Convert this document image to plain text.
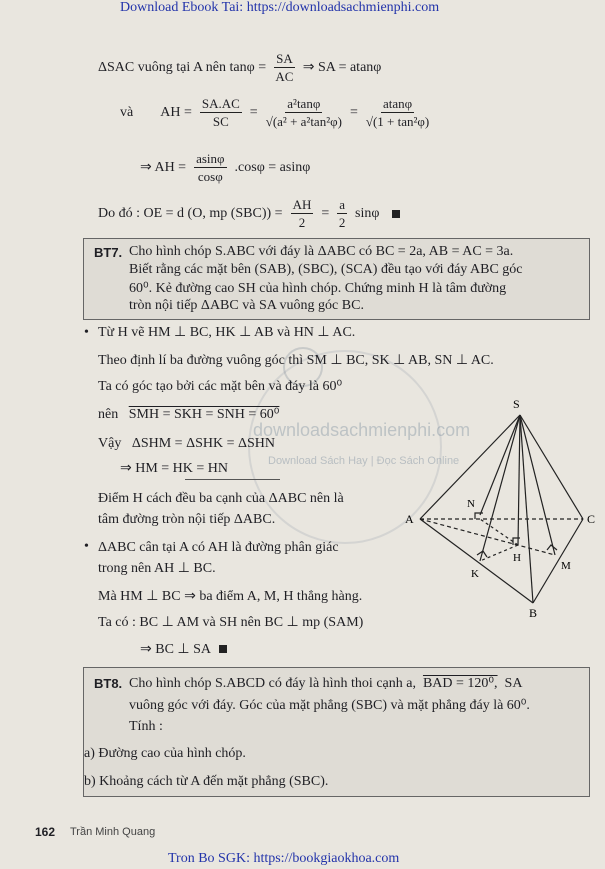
Download Ebook Tai: https://downloadsachmienphi.com
downloadsachmienphi.com
Download Sách Hay | Đọc Sách Online
ΔSAC vuông tại A nên $\tan\varphi = \frac{SA}{AC}$ ⇒ SA = atanφ
và AH = $\frac{SA.AC}{SC} = \frac{\text{a²tanφ}}{\text{√(a² + a²tan²φ)}} = \frac{atan\varphi}{\text{√(1 + tan²φ)}}$
⇒ AH = $\frac{asin\varphi}{\cos\varphi} .\cos\varphi = asin\varphi$
Do đó : OE = d (O, mp $(SBC)) = \frac{AH}{2} = \frac{a}{2}$ sinφ
BT7. Cho hình chóp S.ABC với đáy là ΔABC có BC = 2a, AB = AC = 3a.
Biết rằng các mặt bên (SAB), (SBC), (SCA) đều tạo với đáy ABC góc
60⁰. Kẻ đường cao SH của hình chóp. Chứng minh H là tâm đường
tròn nội tiếp ΔABC và SA vuông góc BC.
• Từ H vẽ HM ⊥ BC, HK ⊥ AB và HN ⊥ AC.
Theo định lí ba đường vuông góc thì SM ⊥ BC, SK ⊥ AB, SN ⊥ AC.
Ta có góc tạo bởi các mặt bên và đáy là 60⁰
nên SMH = SKH = SNH = 60⁰
Vậy ΔSHM = ΔSHK = ΔSHN
⇒ HM = HK = HN
Điểm H cách đều ba cạnh của ΔABC nên là
tâm đường tròn nội tiếp ΔABC.
• ΔABC cân tại A có AH là đường phân giác
trong nên AH ⊥ BC.
Mà HM ⊥ BC ⇒ ba điểm A, M, H thẳng hàng.
Ta có : BC ⊥ AM và SH nên BC ⊥ mp (SAM)
⇒ BC ⊥ SA
S
A
B
C
N
H
K
M
BT8. Cho hình chóp S.ABCD có đáy là hình thoi cạnh a, BAD = 120⁰, SA
vuông góc với đáy. Góc của mặt phẳng (SBC) và mặt phẳng đáy là 60⁰.
Tính :
a) Đường cao của hình chóp.
b) Khoảng cách từ A đến mặt phẳng (SBC).
162 Trần Minh Quang
Tron Bo SGK: https://bookgiaokhoa.com
